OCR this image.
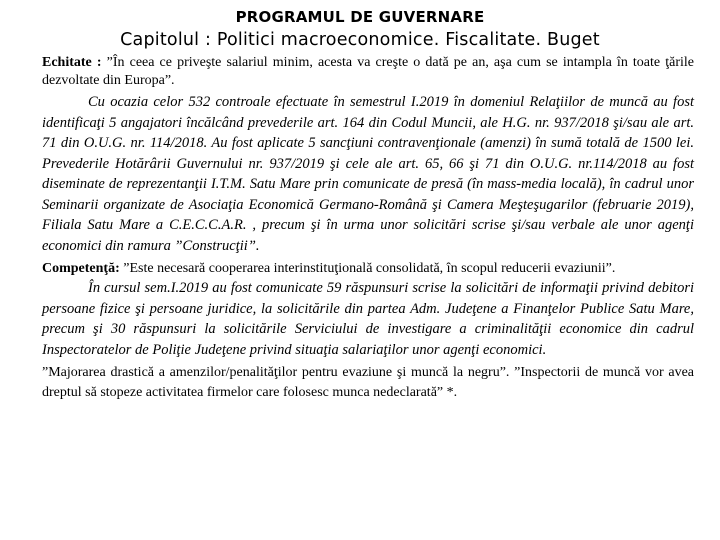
PROGRAMUL DE GUVERNARE
Capitolul : Politici macroeconomice. Fiscalitate. Buget

Echitate : ”În ceea ce priveşte salariul minim, acesta va creşte o dată pe an, aşa cum se intampla în toate ţările dezvoltate din Europa”.

Cu ocazia celor 532 controale efectuate în semestrul I.2019 în domeniul Relaţiilor de muncă au fost identificaţi 5 angajatori încălcând prevederile art. 164 din Codul Muncii, ale H.G. nr. 937/2018 şi/sau ale art. 71 din O.U.G. nr. 114/2018. Au fost aplicate 5 sancţiuni contravenţionale (amenzi) în sumă totală de 1500 lei. Prevederile Hotărârii Guvernului nr. 937/2019 şi cele ale art. 65, 66 şi 71 din O.U.G. nr.114/2018 au fost diseminate de reprezentanţii I.T.M. Satu Mare prin comunicate de presă (în mass-media locală), în cadrul unor Seminarii organizate de Asociaţia Economică Germano-Română şi Camera Meşteşugarilor (februarie 2019), Filiala Satu Mare a C.E.C.C.A.R. , precum şi în urma unor solicitări scrise şi/sau verbale ale unor agenţi economici din ramura ”Construcţii”.

Competenţă: ”Este necesară cooperarea interinstituţională consolidată, în scopul reducerii evaziunii”.

În cursul sem.I.2019 au fost comunicate 59 răspunsuri scrise la solicitări de informaţii privind debitori persoane fizice şi persoane juridice, la solicitările din partea Adm. Judeţene a Finanţelor Publice Satu Mare, precum şi 30 răspunsuri la solicitările Serviciului de investigare a criminalităţii economice din cadrul Inspectoratelor de Poliţie Judeţene privind situaţia salariaţilor unor agenţi economici.

”Majorarea drastică a amenzilor/penalităţilor pentru evaziune şi muncă la negru”. ”Inspectorii de muncă vor avea dreptul să stopeze activitatea firmelor care folosesc munca nedeclarată” *.
